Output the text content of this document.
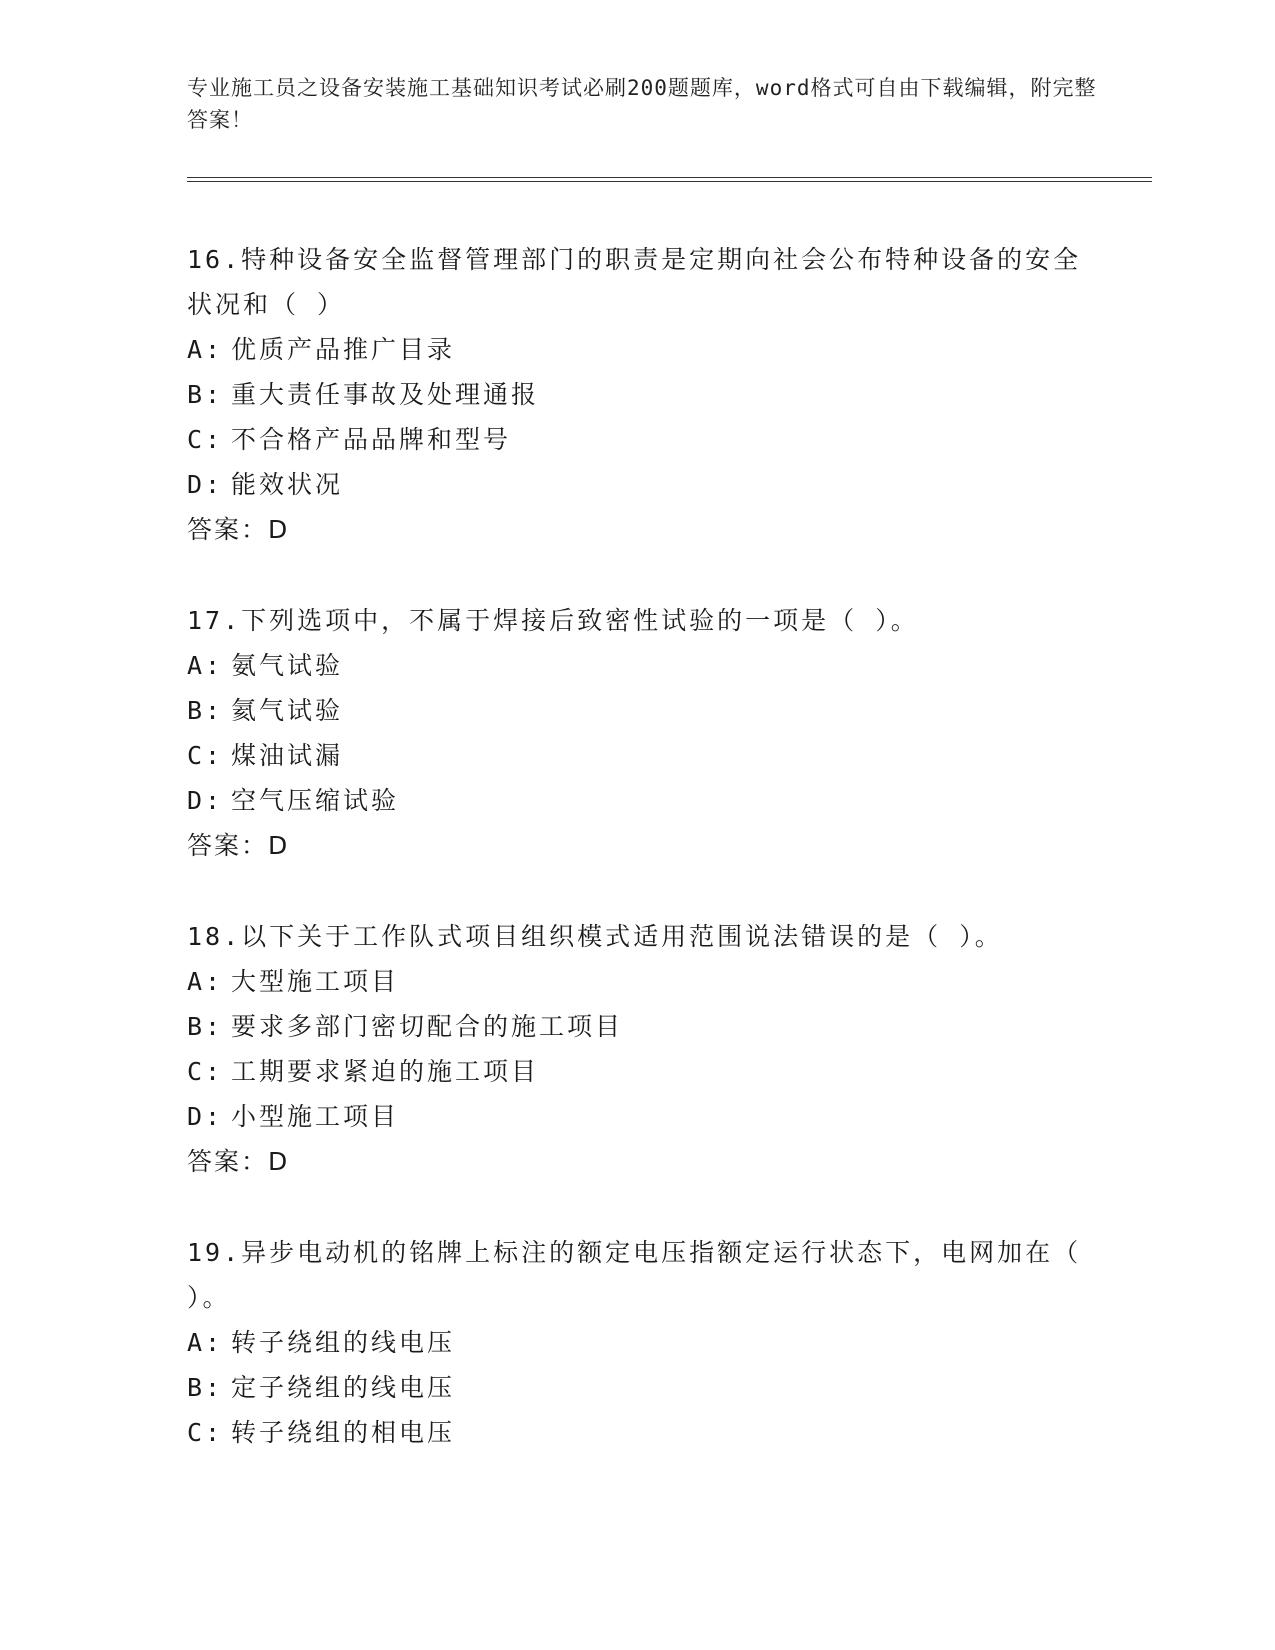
专业施工员之设备安装施工基础知识考试必刷200题题库，word格式可自由下载编辑，附完整答案！
16.特种设备安全监督管理部门的职责是定期向社会公布特种设备的安全状况和（ ）
A: 优质产品推广目录
B: 重大责任事故及处理通报
C: 不合格产品品牌和型号
D: 能效状况
答案：D
17.下列选项中，不属于焊接后致密性试验的一项是（ ）。
A: 氨气试验
B: 氦气试验
C: 煤油试漏
D: 空气压缩试验
答案：D
18.以下关于工作队式项目组织模式适用范围说法错误的是（ ）。
A: 大型施工项目
B: 要求多部门密切配合的施工项目
C: 工期要求紧迫的施工项目
D: 小型施工项目
答案：D
19.异步电动机的铭牌上标注的额定电压指额定运行状态下，电网加在（ ）。
A: 转子绕组的线电压
B: 定子绕组的线电压
C: 转子绕组的相电压
